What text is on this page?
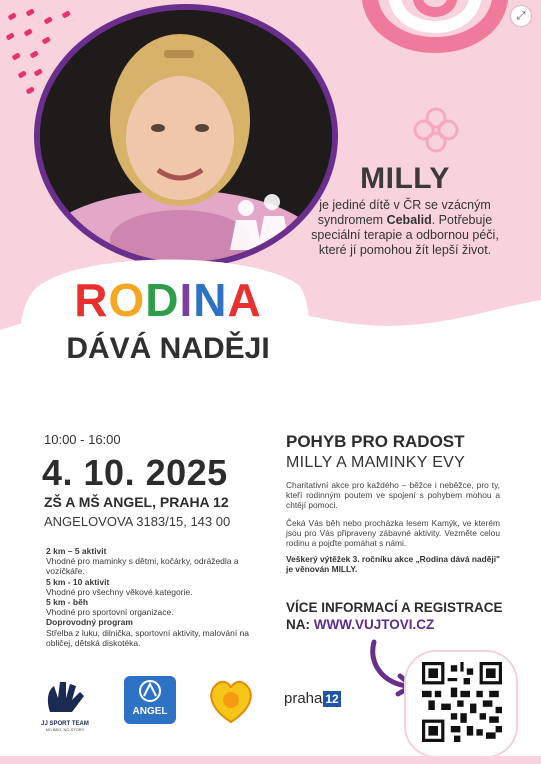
⤢
MILLY
je jediné dítě v ČR se vzácným syndromem Cebalid. Potřebuje speciální terapie a odbornou péči, které jí pomohou žít lepší život.
RODINA
DÁVÁ NADĚJI
10:00 - 16:00
4. 10. 2025
ZŠ A MŠ ANGEL, PRAHA 12
ANGELOVOVA 3183/15, 143 00
2 km – 5 aktivit
Vhodné pro maminky s dětmi, kočárky, odrážedla a vozíčkáře.
5 km - 10 aktivit
Vhodné pro všechny věkové kategorie.
5 km - běh
Vhodné pro sportovní organizace.
Doprovodný program
Střelba z luku, dilnička, sportovní aktivity, malování na obličej, dětská diskotéka.
POHYB PRO RADOST
MILLY A MAMINKY EVY
Charitativní akce pro každého – běžce i neběžce, pro ty, kteří rodinným poutem ve spojení s pohybem mohou a chtějí pomoci.
Čeká Vás běh nebo procházka lesem Kamýk, ve kterém jsou pro Vás připraveny zábavné aktivity. Vezměte celou rodinu a pojďte pomáhat s námi.
Veškerý výtěžek 3. ročníku akce „Rodina dává naději" je věnován MILLY.
VÍCE INFORMACÍ A REGISTRACE
NA: WWW.VUJTOVI.CZ
JJ SPORT TEAM
NO BEG, NO STORY
ANGEL
praha 12
